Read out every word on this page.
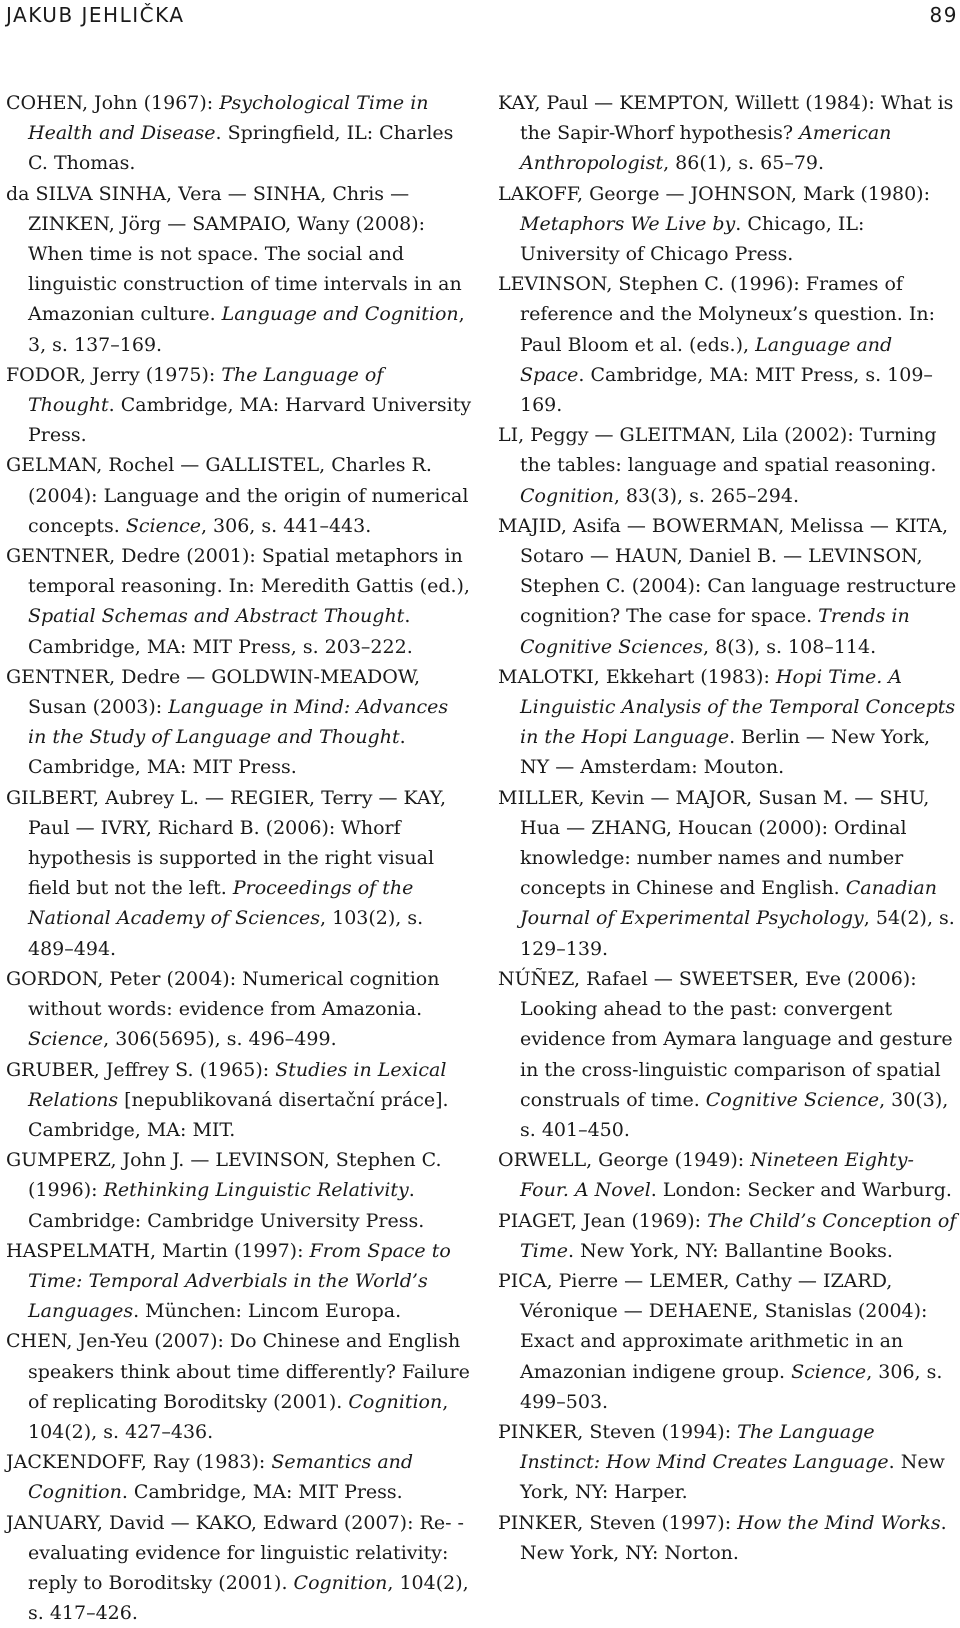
JAKUB JEHLIČKA	89

COHEN, John (1967): Psychological Time in Health and Disease. Springfield, IL: Charles C. Thomas.

da SILVA SINHA, Vera — SINHA, Chris — ZINKEN, Jörg — SAMPAIO, Wany (2008): When time is not space. The social and linguistic construction of time intervals in an Amazonian culture. Language and Cognition, 3, s. 137–169.

FODOR, Jerry (1975): The Language of Thought. Cambridge, MA: Harvard University Press.

GELMAN, Rochel — GALLISTEL, Charles R. (2004): Language and the origin of numerical concepts. Science, 306, s. 441–443.

GENTNER, Dedre (2001): Spatial metaphors in temporal reasoning. In: Meredith Gattis (ed.), Spatial Schemas and Abstract Thought. Cambridge, MA: MIT Press, s. 203–222.

GENTNER, Dedre — GOLDWIN-MEADOW, Susan (2003): Language in Mind: Advances in the Study of Language and Thought. Cambridge, MA: MIT Press.

GILBERT, Aubrey L. — REGIER, Terry — KAY, Paul — IVRY, Richard B. (2006): Whorf hypothesis is supported in the right visual field but not the left. Proceedings of the National Academy of Sciences, 103(2), s. 489–494.

GORDON, Peter (2004): Numerical cognition without words: evidence from Amazonia. Science, 306(5695), s. 496–499.

GRUBER, Jeffrey S. (1965): Studies in Lexical Relations [nepublikovaná disertační práce]. Cambridge, MA: MIT.

GUMPERZ, John J. — LEVINSON, Stephen C. (1996): Rethinking Linguistic Relativity. Cambridge: Cambridge University Press.

HASPELMATH, Martin (1997): From Space to Time: Temporal Adverbials in the World’s Languages. München: Lincom Europa.

CHEN, Jen-Yeu (2007): Do Chinese and English speakers think about time differently? Failure of replicating Boroditsky (2001). Cognition, 104(2), s. 427–436.

JACKENDOFF, Ray (1983): Semantics and Cognition. Cambridge, MA: MIT Press.

JANUARY, David — KAKO, Edward (2007): Re- -evaluating evidence for linguistic relativity: reply to Boroditsky (2001). Cognition, 104(2), s. 417–426.

KAY, Paul — KEMPTON, Willett (1984): What is the Sapir-Whorf hypothesis? American Anthropologist, 86(1), s. 65–79.

LAKOFF, George — JOHNSON, Mark (1980): Metaphors We Live by. Chicago, IL: University of Chicago Press.

LEVINSON, Stephen C. (1996): Frames of reference and the Molyneux’s question. In: Paul Bloom et al. (eds.), Language and Space. Cambridge, MA: MIT Press, s. 109–169.

LI, Peggy — GLEITMAN, Lila (2002): Turning the tables: language and spatial reasoning. Cognition, 83(3), s. 265–294.

MAJID, Asifa — BOWERMAN, Melissa — KITA, Sotaro — HAUN, Daniel B. — LEVINSON, Stephen C. (2004): Can language restructure cognition? The case for space. Trends in Cognitive Sciences, 8(3), s. 108–114.

MALOTKI, Ekkehart (1983): Hopi Time. A Linguistic Analysis of the Temporal Concepts in the Hopi Language. Berlin — New York, NY — Amsterdam: Mouton.

MILLER, Kevin — MAJOR, Susan M. — SHU, Hua — ZHANG, Houcan (2000): Ordinal knowledge: number names and number concepts in Chinese and English. Canadian Journal of Experimental Psychology, 54(2), s. 129–139.

NÚÑEZ, Rafael — SWEETSER, Eve (2006): Looking ahead to the past: convergent evidence from Aymara language and gesture in the cross-linguistic comparison of spatial construals of time. Cognitive Science, 30(3), s. 401–450.

ORWELL, George (1949): Nineteen Eighty-Four. A Novel. London: Secker and Warburg.

PIAGET, Jean (1969): The Child’s Conception of Time. New York, NY: Ballantine Books.

PICA, Pierre — LEMER, Cathy — IZARD, Véronique — DEHAENE, Stanislas (2004): Exact and approximate arithmetic in an Amazonian indigene group. Science, 306, s. 499–503.

PINKER, Steven (1994): The Language Instinct: How Mind Creates Language. New York, NY: Harper.

PINKER, Steven (1997): How the Mind Works. New York, NY: Norton.
